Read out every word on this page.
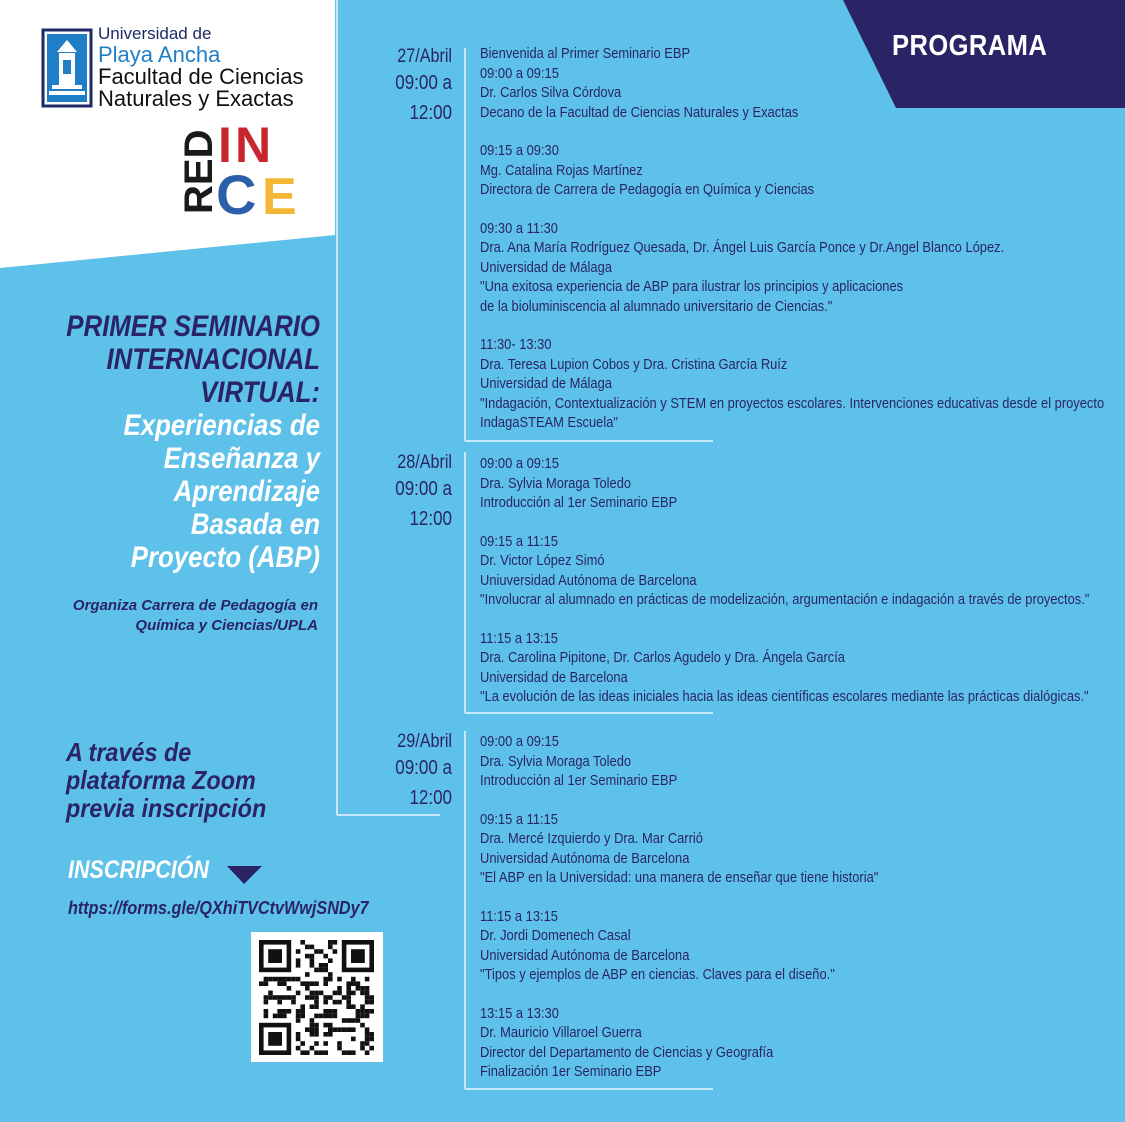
RED
I N
C E
Universidad de
Playa Ancha
Facultad de Ciencias
Naturales y Exactas
PROGRAMA
PRIMER SEMINARIO
INTERNACIONAL
VIRTUAL:
Experiencias de
Enseñanza y
Aprendizaje
Basada en
Proyecto (ABP)
Organiza Carrera de Pedagogía en
Química y Ciencias/UPLA
A través de
plataforma Zoom
previa inscripción
INSCRIPCIÓN
https://forms.gle/QXhiTVCtvWwjSNDy7
27/Abril
09:00 a 12:00
28/Abril
09:00 a 12:00
29/Abril
09:00 a 12:00
Bienvenida al Primer Seminario EBP
09:00 a 09:15
Dr. Carlos Silva Córdova
Decano de la Facultad de Ciencias Naturales y Exactas
09:15 a 09:30
Mg. Catalina Rojas Martínez
Directora de Carrera de Pedagogía en Química y Ciencias
09:30 a 11:30
Dra. Ana María Rodríguez Quesada, Dr. Ángel Luis García Ponce y Dr.Angel Blanco López.
Universidad de Málaga
"Una exitosa experiencia de ABP para ilustrar los principios y aplicaciones
de la bioluminiscencia al alumnado universitario de Ciencias."
11:30- 13:30
Dra. Teresa Lupion Cobos y Dra. Cristina García Ruíz
Universidad de Málaga
"Indagación, Contextualización y STEM en proyectos escolares. Intervenciones educativas desde el proyecto
IndagaSTEAM Escuela"
09:00 a 09:15
Dra. Sylvia Moraga Toledo
Introducción al 1er Seminario EBP
09:15 a 11:15
Dr. Victor López Simó
Uniuversidad Autónoma de Barcelona
"Involucrar al alumnado en prácticas de modelización, argumentación e indagación a través de proyectos."
11:15 a 13:15
Dra. Carolina Pipitone, Dr. Carlos Agudelo y Dra. Ángela García
Universidad de Barcelona
"La evolución de las ideas iniciales hacia las ideas científicas escolares mediante las prácticas dialógicas."
09:00 a 09:15
Dra. Sylvia Moraga Toledo
Introducción al 1er Seminario EBP
09:15 a 11:15
Dra. Mercé Izquierdo y Dra. Mar Carrió
Universidad Autónoma de Barcelona
"El ABP en la Universidad: una manera de enseñar que tiene historia"
11:15 a 13:15
Dr. Jordi Domenech Casal
Universidad Autónoma de Barcelona
"Tipos y ejemplos de ABP en ciencias. Claves para el diseño."
13:15 a 13:30
Dr. Mauricio Villaroel Guerra
Director del Departamento de Ciencias y Geografía
Finalización 1er Seminario EBP
